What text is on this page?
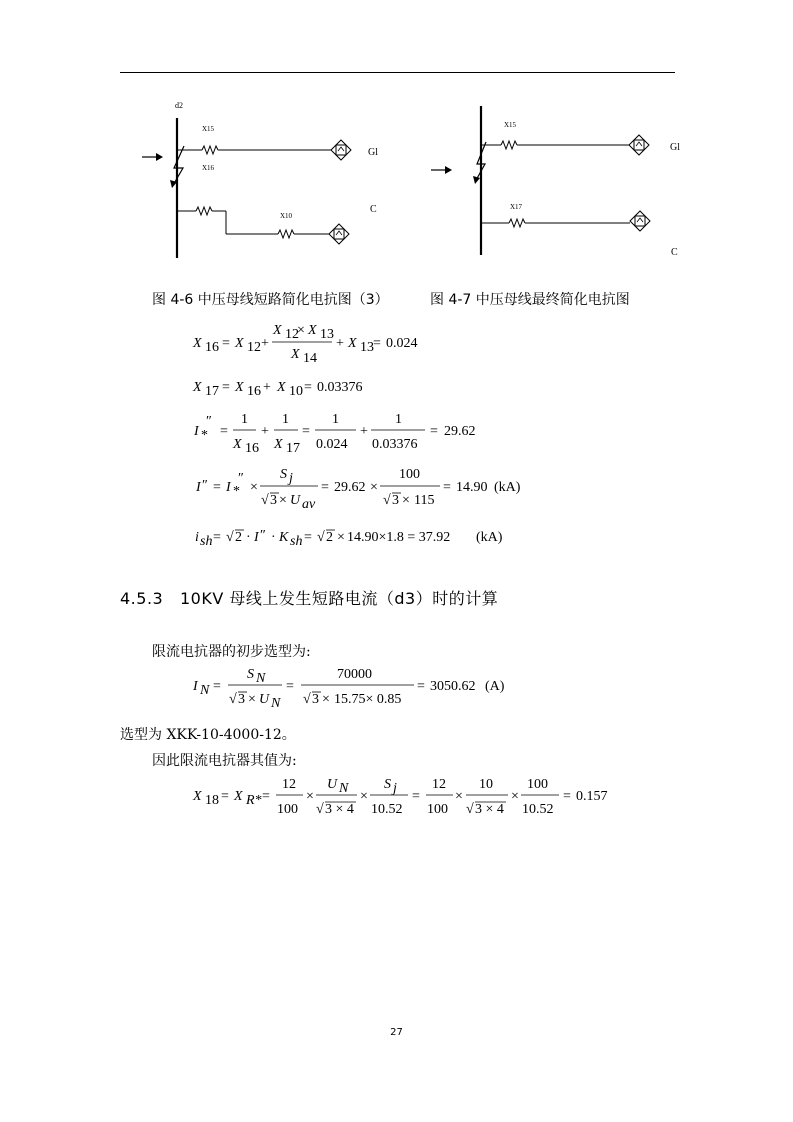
d2
X15
X16
Gl
X10
C
X15
Gl
X17
C
图 4-6 中压母线短路简化电抗图（3）	图 4-7 中压母线最终简化电抗图
X 16 = X 12 +
X 12
× X 13
X 14
+ X 13 = 0.024
X 17 = X 16 + X 10 = 0.03376
I *
″
=
1
X 16
+
1
X 17
=
1
0.024
+
1
0.03376
= 29.62
I ″ = I *
″
×
S j
√ 3 × U av
= 29.62 ×
100
√ 3 × 115
= 14.90 (kA)
i sh = √ 2 · I ″ · K sh = √ 2 × 14.90×1.8 = 37.92 (kA)
4.5.3 10KV 母线上发生短路电流（d3）时的计算
限流电抗器的初步选型为:
I N =
S N
√ 3 × U N
=
70000
√ 3 × 15.75× 0.85
= 3050.62 (A)
选型为 XKK-10-4000-12。
因此限流电抗器其值为:
X 18 = X R* =
12
100
×
U N
√ 3 × 4
×
S j
10.52
=
12
100
×
10
√ 3 × 4
×
100
10.52
= 0.157
27
